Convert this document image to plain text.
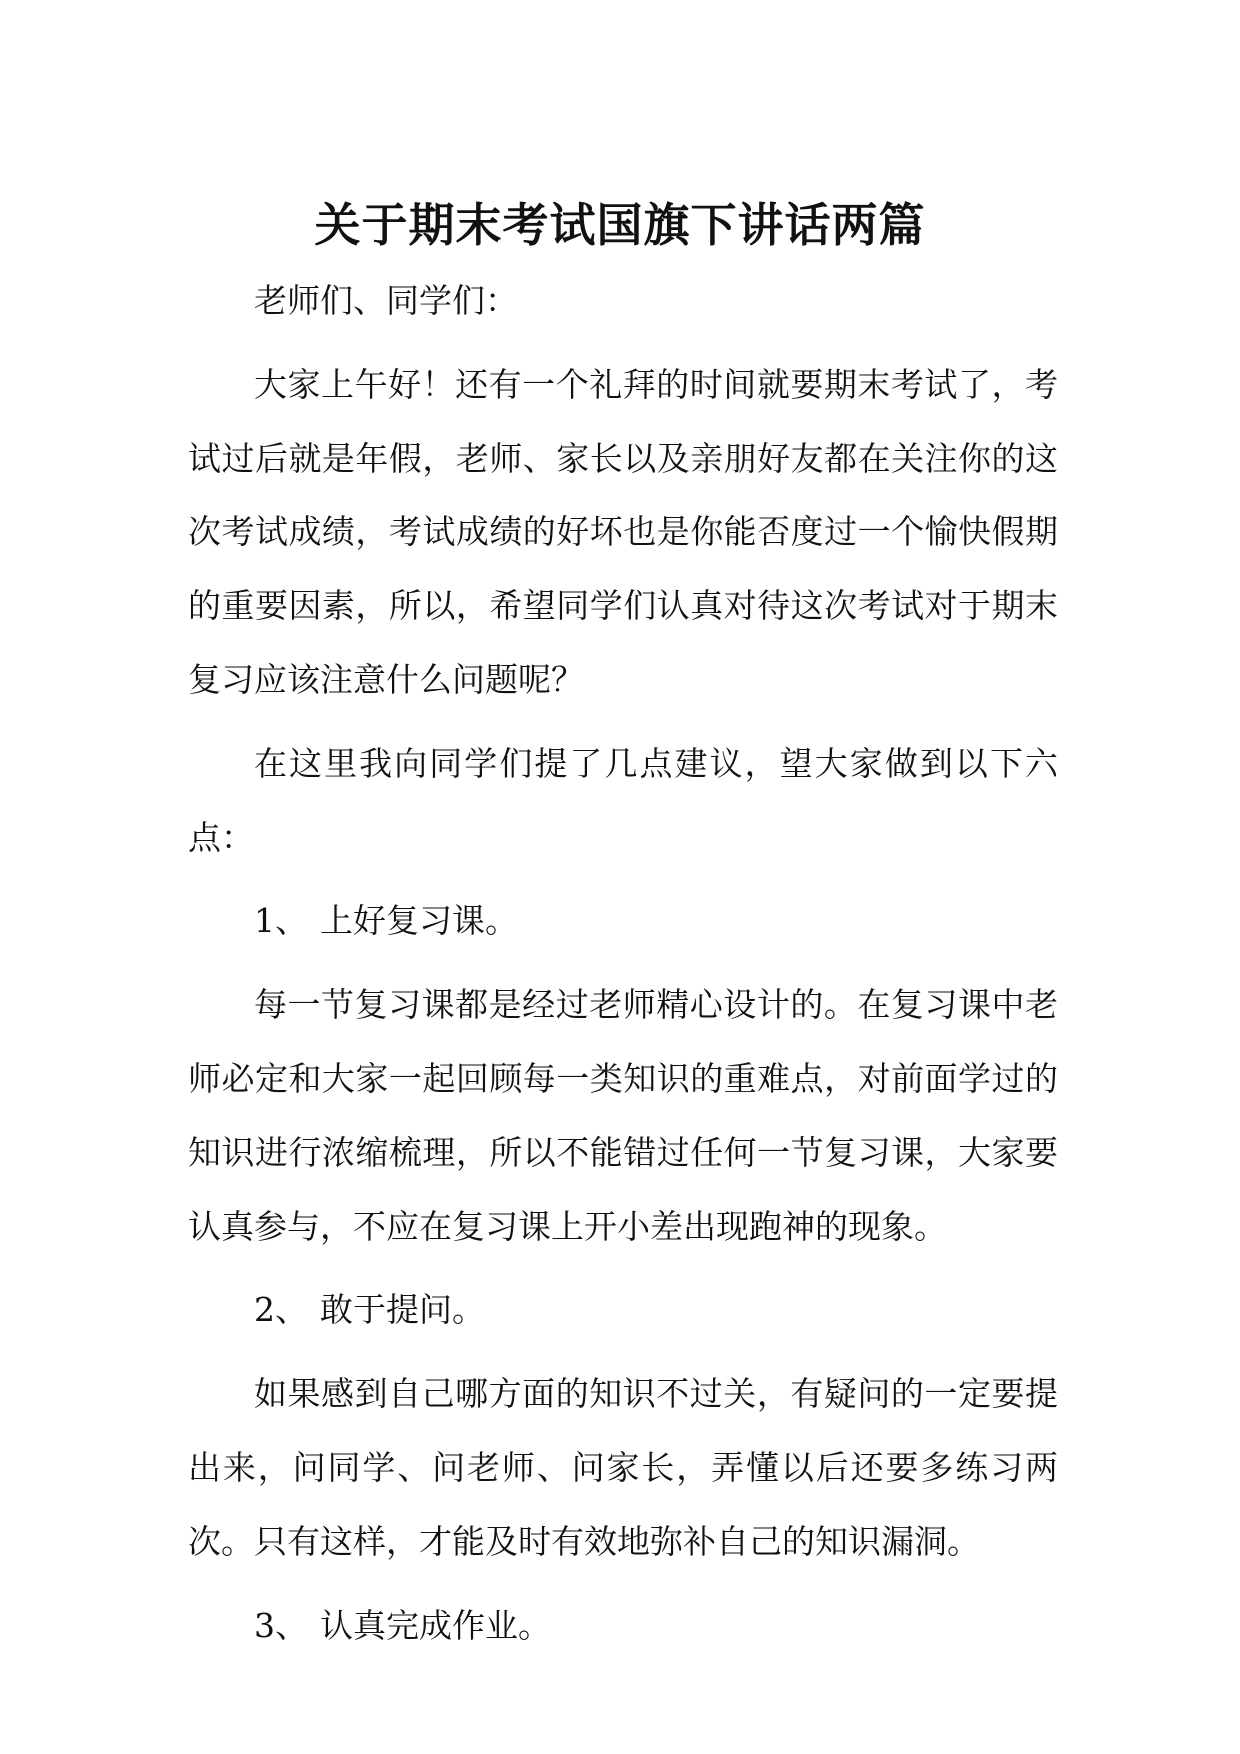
关于期末考试国旗下讲话两篇

老师们、同学们：

大家上午好！还有一个礼拜的时间就要期末考试了，考试过后就是年假，老师、家长以及亲朋好友都在关注你的这次考试成绩，考试成绩的好坏也是你能否度过一个愉快假期的重要因素，所以，希望同学们认真对待这次考试对于期末复习应该注意什么问题呢？

在这里我向同学们提了几点建议，望大家做到以下六点：

1、 上好复习课。

每一节复习课都是经过老师精心设计的。在复习课中老师必定和大家一起回顾每一类知识的重难点，对前面学过的知识进行浓缩梳理，所以不能错过任何一节复习课，大家要认真参与，不应在复习课上开小差出现跑神的现象。

2、 敢于提问。

如果感到自己哪方面的知识不过关，有疑问的一定要提出来，问同学、问老师、问家长，弄懂以后还要多练习两次。只有这样，才能及时有效地弥补自己的知识漏洞。

3、 认真完成作业。
